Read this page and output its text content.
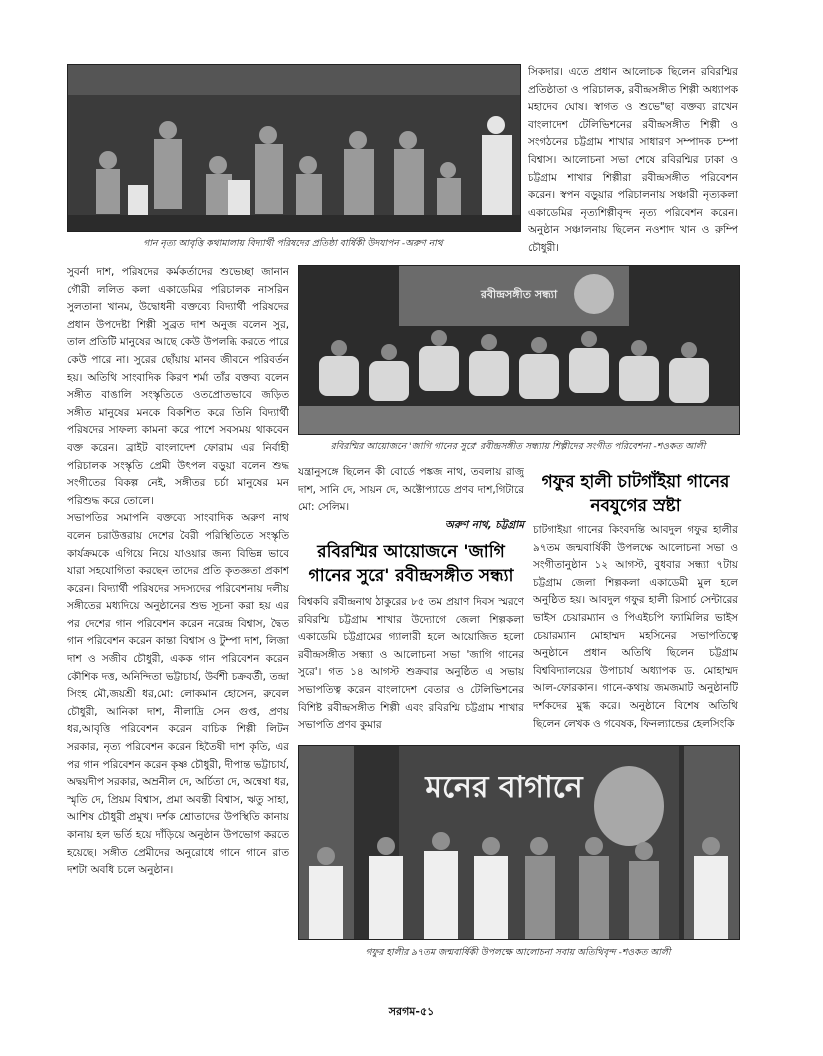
গান নৃত্য আবৃত্তি কথামালায় বিদ্যার্থী পরিষদের প্রতিষ্ঠা বার্ষিকী উদযাপন -অরুণ নাথ
সিকদার। এতে প্রধান আলোচক ছিলেন রবিরশ্মির প্রতিষ্ঠাতা ও পরিচালক, রবীন্দ্রসঙ্গীত শিল্পী অধ্যাপক মহাদেব ঘোষ। স্বাগত ও শুভে"ছা বক্তব্য রাখেন বাংলাদেশ টেলিভিশনের রবীন্দ্রসঙ্গীত শিল্পী ও সংগঠনের চট্টগ্রাম শাখার সাধারণ সম্পাদক চম্পা বিশ্বাস। আলোচনা সভা শেষে রবিরশ্মির ঢাকা ও চট্টগ্রাম শাখার শিল্পীরা রবীন্দ্রসঙ্গীত পরিবেশন করেন। স্বপন বড়ুয়ার পরিচালনায় সঞ্চারী নৃত্যকলা একাডেমির নৃত্যশিল্পীবৃন্দ নৃত্য পরিবেশন করেন। অনুষ্ঠান সঞ্চালনায় ছিলেন নওশাদ খান ও রুম্পি চৌধুরী।
সুবর্না দাশ, পরিষদের কর্মকর্তাদের শুভেচ্ছা জানান গৌরী ললিত কলা একাডেমির পরিচালক নাসরিন সুলতানা খানম, উদ্বোধনী বক্তব্যে বিদ্যার্থী পরিষদের প্রধান উপদেষ্টা শিল্পী সুব্রত দাশ অনুজ বলেন সুর, তাল প্রতিটি মানুষের আছে কেউ উপলব্ধি করতে পারে কেউ পারে না। সুরের ছোঁয়ায় মানব জীবনে পরিবর্তন হয়। অতিথি সাংবাদিক কিরণ শর্মা তাঁর বক্তব্য বলেন সঙ্গীত বাঙালি সংস্কৃতিতে ওতপ্রোতভাবে জড়িত সঙ্গীত মানুষের মনকে বিকশিত করে তিনি বিদ্যার্থী পরিষদের সাফল্য কামনা করে পাশে সবসময় থাকবেন বক্ত করেন। ব্রাইট বাংলাদেশ ফোরাম এর নির্বাহী পরিচালক সংস্কৃতি প্রেমী উৎপল বড়ুয়া বলেন শুদ্ধ সংগীতের বিকল্প নেই, সঙ্গীতর চর্চা মানুষের মন পরিশুদ্ধ করে তোলে।
সভাপতির সমাপনি বক্তব্যে সাংবাদিক অরুণ নাথ বলেন চরাউত্তরায় দেশের বৈরী পরিস্থিতিতে সংস্কৃতি কার্যক্রমকে এগিয়ে নিয়ে যাওয়ার জন্য বিভিন্ন ভাবে যারা সহযোগিতা করছেন তাদের প্রতি কৃতজ্ঞতা প্রকাশ করেন। বিদ্যার্থী পরিষদের সদস্যদের পরিবেশনায় দলীয় সঙ্গীতের মধ্যদিয়ে অনুষ্ঠানের শুভ সূচনা করা হয় এর পর দেশের গান পরিবেশন করেন নরেন্দ্র বিশ্বাস, দ্বৈত গান পরিবেশন করেন কান্তা বিশ্বাস ও টুম্পা দাশ, লিজা দাশ ও সজীব চৌধুরী, একক গান পরিবেশন করেন কৌশিক দত্ত, অনিন্দিতা ভট্টাচার্য, উর্বশী চক্রবর্তী, তন্দ্রা সিংহ মৌ,জয়শ্রী ধর,মো: লোকমান হোসেন, রুবেল চৌধুরী, আনিকা দাশ, নীলাদ্রি সেন গুপ্ত, প্রণয় ধর,আবৃত্তি পরিবেশন করেন বাচিক শিল্পী লিটন সরকার, নৃত্য পরিবেশন করেন হিতৈষী দাশ কৃতি, এর পর গান পরিবেশন করেন কৃষ্ণ চৌধুরী, দীপান্ত ভট্টাচার্য, অদ্বয়দীপ সরকার, অম্রনীল দে, অর্চিতা দে, অন্বেষা ধর, স্মৃতি দে, প্রিয়ম বিশ্বাস, প্রমা অবন্তী বিশ্বাস, ঋতু সাহা, আশিষ চৌধুরী প্রমুখ। দর্শক শ্রোতাদের উপস্থিতি কানায় কানায় হল ভর্তি হয়ে দাঁড়িয়ে অনুষ্ঠান উপভোগ করতে হয়েছে। সঙ্গীত প্রেমীদের অনুরোধে গানে গানে রাত দশটা অবধি চলে অনুষ্ঠান।
রবীন্দ্রসঙ্গীত সন্ধ্যা
রবিরশ্মির আয়োজনে 'জাগি গানের সুরে' রবীন্দ্রসঙ্গীত সন্ধ্যায় শিল্পীদের সংগীত পরিবেশনা -শওকত আলী
যন্ত্রানুসঙ্গে ছিলেন কী বোর্ডে পঙ্কজ নাথ, তবলায় রাজু দাশ, সানি দে, সায়ন দে, অক্টোপ্যাডে প্রণব দাশ,গিটারে মো: সেলিম।
অরুণ নাথ, চট্টগ্রাম
রবিরশ্মির আয়োজনে 'জাগি গানের সুরে' রবীন্দ্রসঙ্গীত সন্ধ্যা
বিশ্বকবি রবীন্দ্রনাথ ঠাকুরের ৮৫ তম প্রয়াণ দিবস স্মরণে রবিরশ্মি চট্টগ্রাম শাখার উদ্যোগে জেলা শিল্পকলা একাডেমি চট্টগ্রামের গ্যালারী হলে আয়োজিত হলো রবীন্দ্রসঙ্গীত সন্ধ্যা ও আলোচনা সভা 'জাগি গানের সুরে'। গত ১৪ আগস্ট শুক্রবার অনুষ্ঠিত এ সভায় সভাপতিত্ব করেন বাংলাদেশ বেতার ও টেলিভিশনের বিশিষ্ট রবীন্দ্রসঙ্গীত শিল্পী এবং রবিরশ্মি চট্টগ্রাম শাখার সভাপতি প্রণব কুমার
গফুর হালী চাটগাঁইয়া গানের নবযুগের স্রষ্টা
চাটগাইয়া গানের কিংবদন্তি আবদুল গফুর হালীর ৯৭তম জন্মবার্ষিকী উপলক্ষে আলোচনা সভা ও সংগীতানুষ্ঠান ১২ আগস্ট, বুধবার সন্ধ্যা ৭টায় চট্টগ্রাম জেলা শিল্পকলা একাডেমী মুল হলে অনুষ্ঠিত হয়। আবদুল গফুর হালী রিসার্চ সেন্টারের ভাইস চেয়ারম্যান ও পিএইচপি ফ্যামিলির ভাইস চেয়ারম্যান মোহাম্মদ মহসিনের সভাপতিত্বে অনুষ্ঠানে প্রধান অতিথি ছিলেন চট্টগ্রাম বিশ্ববিদ্যালয়ের উপাচার্য অধ্যাপক ড. মোহাম্মদ আল-ফোরকান। গানে-কথায় জমজমাট অনুষ্ঠানটি দর্শকদের মুগ্ধ করে। অনুষ্ঠানে বিশেষ অতিথি ছিলেন লেখক ও গবেষক, ফিনল্যান্ডের হেলসিংকি
মনের বাগানে
গফুর হালীর ৯৭তম জন্মবার্ষিকী উপলক্ষে আলোচনা সবায় অতিথিবৃন্দ -শওকত আলী
সরগম-৫১
